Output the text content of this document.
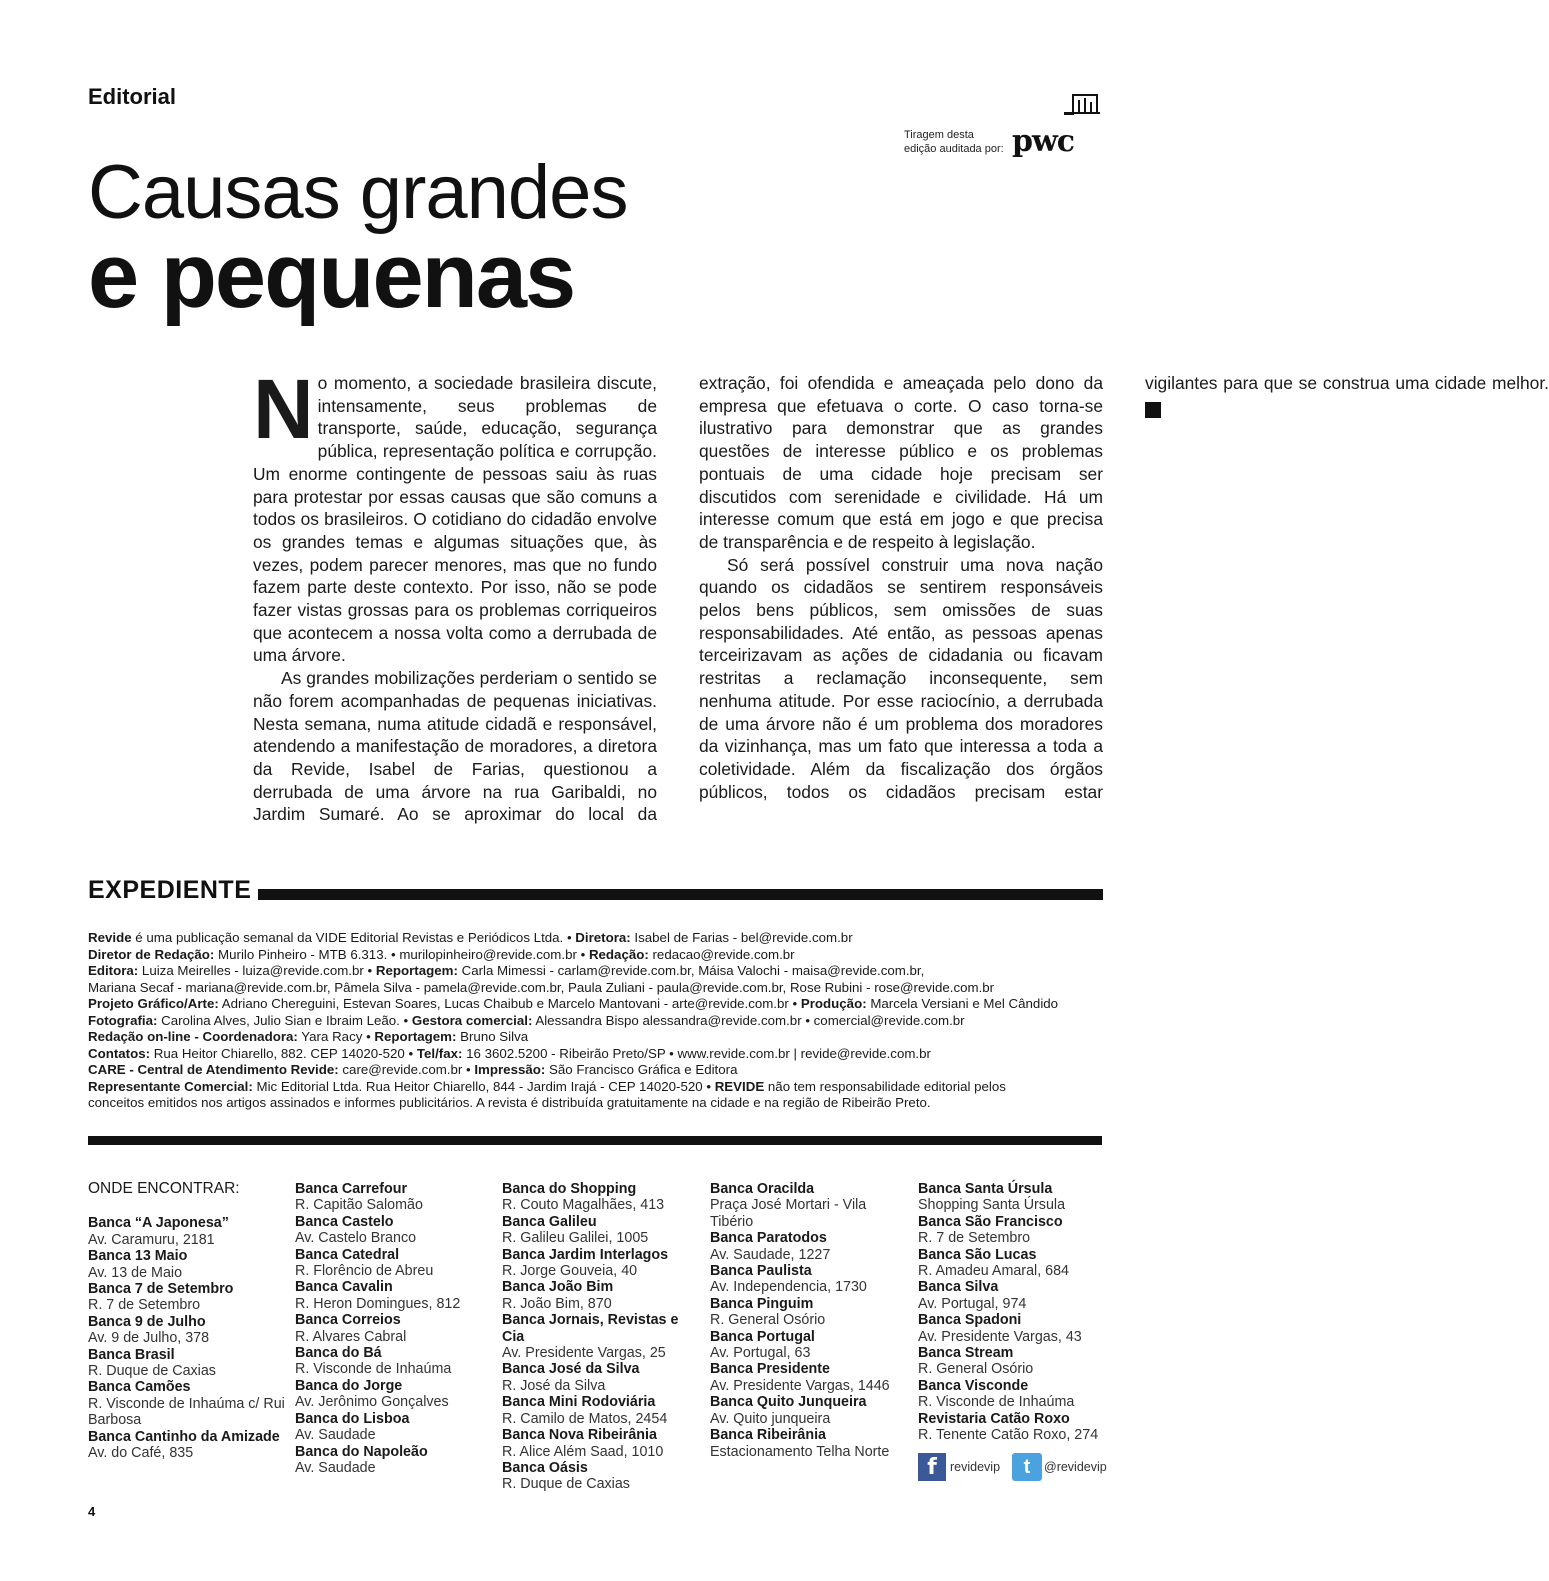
Editorial
Tiragem desta
edição auditada por: pwc
Causas grandes
e pequenas

No momento, a sociedade brasileira discute, intensamente, seus problemas de transporte, saúde, educação, segurança pública, representação política e corrupção. Um enorme contingente de pessoas saiu às ruas para protestar por essas causas que são comuns a todos os brasileiros. O cotidiano do cidadão envolve os grandes temas e algumas situações que, às vezes, podem parecer menores, mas que no fundo fazem parte deste contexto. Por isso, não se pode fazer vistas grossas para os problemas corriqueiros que acontecem a nossa volta como a derrubada de uma árvore.

As grandes mobilizações perderiam o sentido se não forem acompanhadas de pequenas iniciativas. Nesta semana, numa atitude cidadã e responsável, atendendo a manifestação de moradores, a diretora da Revide, Isabel de Farias, questionou a derrubada de uma árvore na rua Garibaldi, no Jardim Sumaré. Ao se aproximar do local da extração, foi ofendida e ameaçada pelo dono da empresa que efetuava o corte. O caso torna-se ilustrativo para demonstrar que as grandes questões de interesse público e os problemas pontuais de uma cidade hoje precisam ser discutidos com serenidade e civilidade. Há um interesse comum que está em jogo e que precisa de transparência e de respeito à legislação.

Só será possível construir uma nova nação quando os cidadãos se sentirem responsáveis pelos bens públicos, sem omissões de suas responsabilidades. Até então, as pessoas apenas terceirizavam as ações de cidadania ou ficavam restritas a reclamação inconsequente, sem nenhuma atitude. Por esse raciocínio, a derrubada de uma árvore não é um problema dos moradores da vizinhança, mas um fato que interessa a toda a coletividade. Além da fiscalização dos órgãos públicos, todos os cidadãos precisam estar vigilantes para que se construa uma cidade melhor. r

EXPEDIENTE
Revide é uma publicação semanal da VIDE Editorial Revistas e Periódicos Ltda. • Diretora: Isabel de Farias - bel@revide.com.br
Diretor de Redação: Murilo Pinheiro - MTB 6.313. • murilopinheiro@revide.com.br • Redação: redacao@revide.com.br
Editora: Luiza Meirelles - luiza@revide.com.br • Reportagem: Carla Mimessi - carlam@revide.com.br, Máisa Valochi - maisa@revide.com.br,
Mariana Secaf - mariana@revide.com.br, Pâmela Silva - pamela@revide.com.br, Paula Zuliani - paula@revide.com.br, Rose Rubini - rose@revide.com.br
Projeto Gráfico/Arte: Adriano Chereguini, Estevan Soares, Lucas Chaibub e Marcelo Mantovani - arte@revide.com.br • Produção: Marcela Versiani e Mel Cândido
Fotografia: Carolina Alves, Julio Sian e Ibraim Leão. • Gestora comercial: Alessandra Bispo alessandra@revide.com.br • comercial@revide.com.br
Redação on-line - Coordenadora: Yara Racy • Reportagem: Bruno Silva
Contatos: Rua Heitor Chiarello, 882. CEP 14020-520 • Tel/fax: 16 3602.5200 - Ribeirão Preto/SP • www.revide.com.br | revide@revide.com.br
CARE - Central de Atendimento Revide: care@revide.com.br • Impressão: São Francisco Gráfica e Editora
Representante Comercial: Mic Editorial Ltda. Rua Heitor Chiarello, 844 - Jardim Irajá - CEP 14020-520 • REVIDE não tem responsabilidade editorial pelos
conceitos emitidos nos artigos assinados e informes publicitários. A revista é distribuída gratuitamente na cidade e na região de Ribeirão Preto.
ONDE ENCONTRAR:
Banca “A Japonesa”
Av. Caramuru, 2181
Banca 13 Maio
Av. 13 de Maio
Banca 7 de Setembro
R. 7 de Setembro
Banca 9 de Julho
Av. 9 de Julho, 378
Banca Brasil
R. Duque de Caxias
Banca Camões
R. Visconde de Inhaúma c/ Rui Barbosa
Banca Cantinho da Amizade
Av. do Café, 835
Banca Carrefour
R. Capitão Salomão
Banca Castelo
Av. Castelo Branco
Banca Catedral
R. Florêncio de Abreu
Banca Cavalin
R. Heron Domingues, 812
Banca Correios
R. Alvares Cabral
Banca do Bá
R. Visconde de Inhaúma
Banca do Jorge
Av. Jerônimo Gonçalves
Banca do Lisboa
Av. Saudade
Banca do Napoleão
Av. Saudade
Banca do Shopping
R. Couto Magalhães, 413
Banca Galileu
R. Galileu Galilei, 1005
Banca Jardim Interlagos
R. Jorge Gouveia, 40
Banca João Bim
R. João Bim, 870
Banca Jornais, Revistas e Cia
Av. Presidente Vargas, 25
Banca José da Silva
R. José da Silva
Banca Mini Rodoviária
R. Camilo de Matos, 2454
Banca Nova Ribeirânia
R. Alice Além Saad, 1010
Banca Oásis
R. Duque de Caxias
Banca Oracilda
Praça José Mortari - Vila Tibério
Banca Paratodos
Av. Saudade, 1227
Banca Paulista
Av. Independencia, 1730
Banca Pinguim
R. General Osório
Banca Portugal
Av. Portugal, 63
Banca Presidente
Av. Presidente Vargas, 1446
Banca Quito Junqueira
Av. Quito junqueira
Banca Ribeirânia
Estacionamento Telha Norte
Banca Santa Úrsula
Shopping Santa Úrsula
Banca São Francisco
R. 7 de Setembro
Banca São Lucas
R. Amadeu Amaral, 684
Banca Silva
Av. Portugal, 974
Banca Spadoni
Av. Presidente Vargas, 43
Banca Stream
R. General Osório
Banca Visconde
R. Visconde de Inhaúma
Revistaria Catão Roxo
R. Tenente Catão Roxo, 274
f	revidevip	t	@revidevip
4
